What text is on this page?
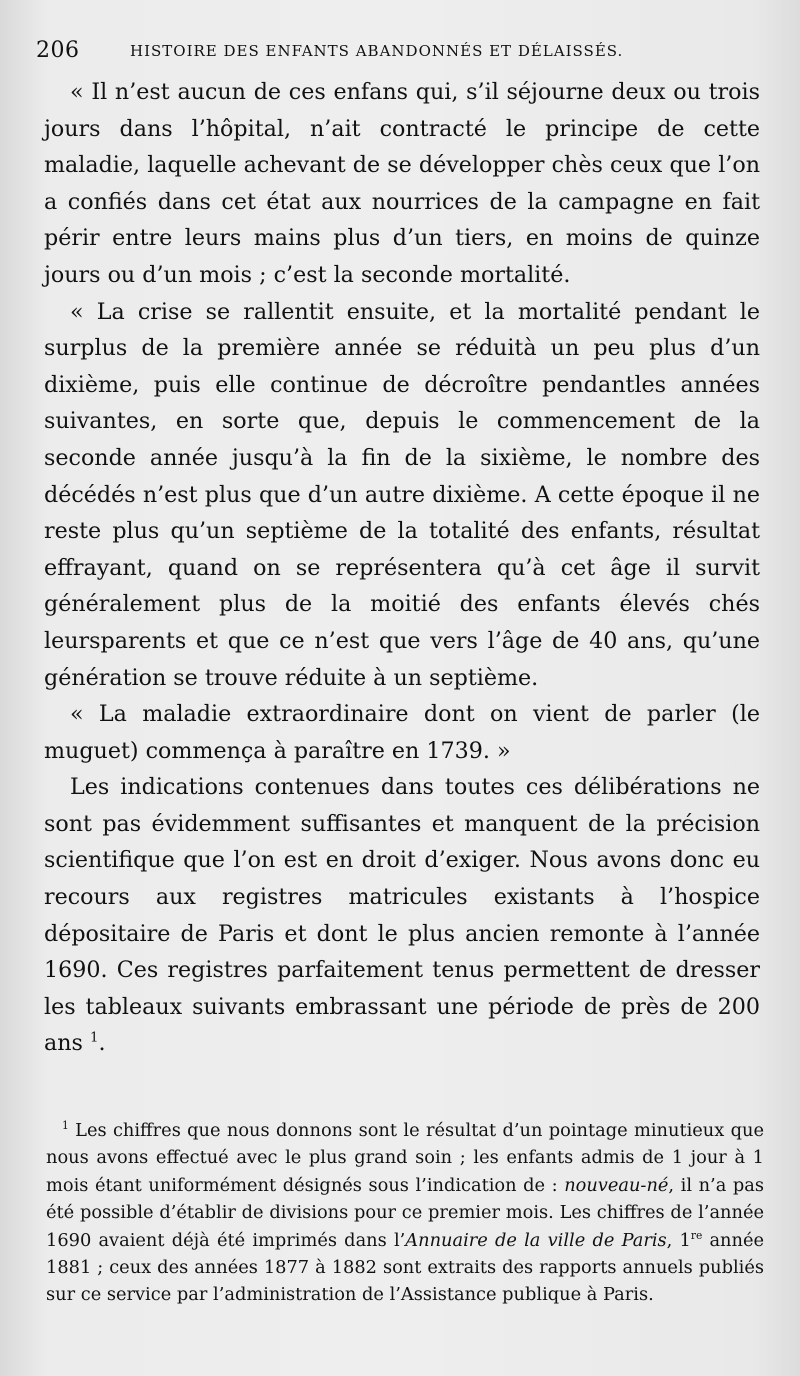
206	HISTOIRE DES ENFANTS ABANDONNÉS ET DÉLAISSÉS.

« Il n’est aucun de ces enfans qui, s’il séjourne deux ou trois jours dans l’hôpital, n’ait contracté le principe de cette maladie, laquelle achevant de se développer chès ceux que l’on a confiés dans cet état aux nourrices de la campagne en fait périr entre leurs mains plus d’un tiers, en moins de quinze jours ou d’un mois ; c’est la seconde mortalité.

« La crise se rallentit ensuite, et la mortalité pendant le surplus de la première année se réduità un peu plus d’un dixième, puis elle continue de décroître pendantles années suivantes, en sorte que, depuis le commencement de la seconde année jusqu’à la fin de la sixième, le nombre des décédés n’est plus que d’un autre dixième. A cette époque il ne reste plus qu’un septième de la totalité des enfants, résultat effrayant, quand on se représentera qu’à cet âge il survit généralement plus de la moitié des enfants élevés chés leursparents et que ce n’est que vers l’âge de 40 ans, qu’une génération se trouve réduite à un septième.

« La maladie extraordinaire dont on vient de parler (le muguet) commença à paraître en 1739. »

Les indications contenues dans toutes ces délibérations ne sont pas évidemment suffisantes et manquent de la précision scientifique que l’on est en droit d’exiger. Nous avons donc eu recours aux registres matricules existants à l’hospice dépositaire de Paris et dont le plus ancien remonte à l’année 1690. Ces registres parfaitement tenus permettent de dresser les tableaux suivants embrassant une période de près de 200 ans $^1$.

$^1$ Les chiffres que nous donnons sont le résultat d’un pointage minutieux que nous avons effectué avec le plus grand soin ; les enfants admis de 1 jour à 1 mois étant uniformément désignés sous l’indication de : nouveau-né, il n’a pas été possible d’établir de divisions pour ce premier mois. Les chiffres de l’année 1690 avaient déjà été imprimés dans l’Annuaire de la ville de Paris, 1re année 1881 ; ceux des années 1877 à 1882 sont extraits des rapports annuels publiés sur ce service par l’administration de l’Assistance publique à Paris.
